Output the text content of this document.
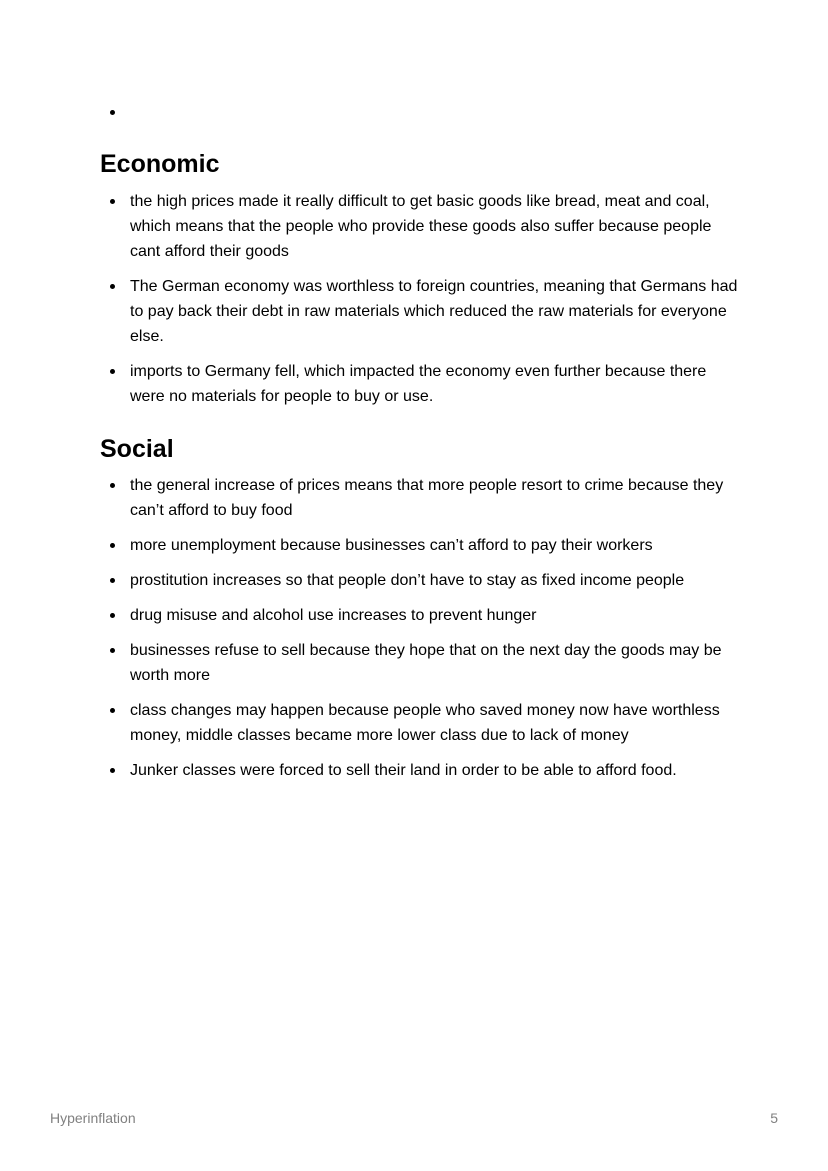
Economic
the high prices made it really difficult to get basic goods like bread, meat and coal, which means that the people who provide these goods also suffer because people cant afford their goods
The German economy was worthless to foreign countries, meaning that Germans had to pay back their debt in raw materials which reduced the raw materials for everyone else.
imports to Germany fell, which impacted the economy even further because there were no materials for people to buy or use.
Social
the general increase of prices means that more people resort to crime because they can’t afford to buy food
more unemployment because businesses can’t afford to pay their workers
prostitution increases so that people don’t have to stay as fixed income people
drug misuse and alcohol use increases to prevent hunger
businesses refuse to sell because they hope that on the next day the goods may be worth more
class changes may happen because people who saved money now have worthless money, middle classes became more lower class due to lack of money
Junker classes were forced to sell their land in order to be able to afford food.
Hyperinflation	5
